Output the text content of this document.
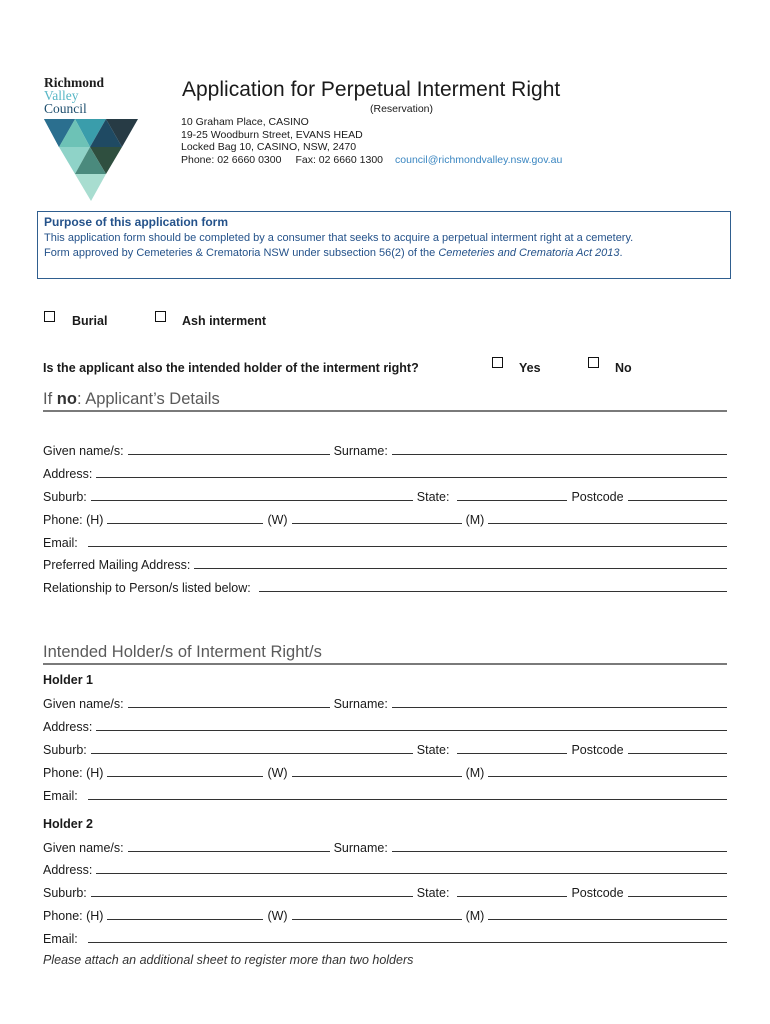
Richmond
Valley
Council
Application for Perpetual Interment Right
(Reservation)
10 Graham Place, CASINO
19-25 Woodburn Street, EVANS HEAD
Locked Bag 10, CASINO, NSW, 2470
Phone: 02 6660 0300 Fax: 02 6660 1300 council@richmondvalley.nsw.gov.au
Purpose of this application form
This application form should be completed by a consumer that seeks to acquire a perpetual interment right at a cemetery.
Form approved by Cemeteries & Crematoria NSW under subsection 56(2) of the Cemeteries and Crematoria Act 2013.
Burial	Ash interment
Is the applicant also the intended holder of the interment right?	Yes	No
If no: Applicant’s Details
Given name/s:	Surname:
Address:
Suburb:	State:	Postcode
Phone: (H)	(W)	(M)
Email:
Preferred Mailing Address:
Relationship to Person/s listed below:
Intended Holder/s of Interment Right/s
Holder 1
Given name/s:	Surname:
Address:
Suburb:	State:	Postcode
Phone: (H)	(W)	(M)
Email:
Holder 2
Given name/s:	Surname:
Address:
Suburb:	State:	Postcode
Phone: (H)	(W)	(M)
Email:
Please attach an additional sheet to register more than two holders
